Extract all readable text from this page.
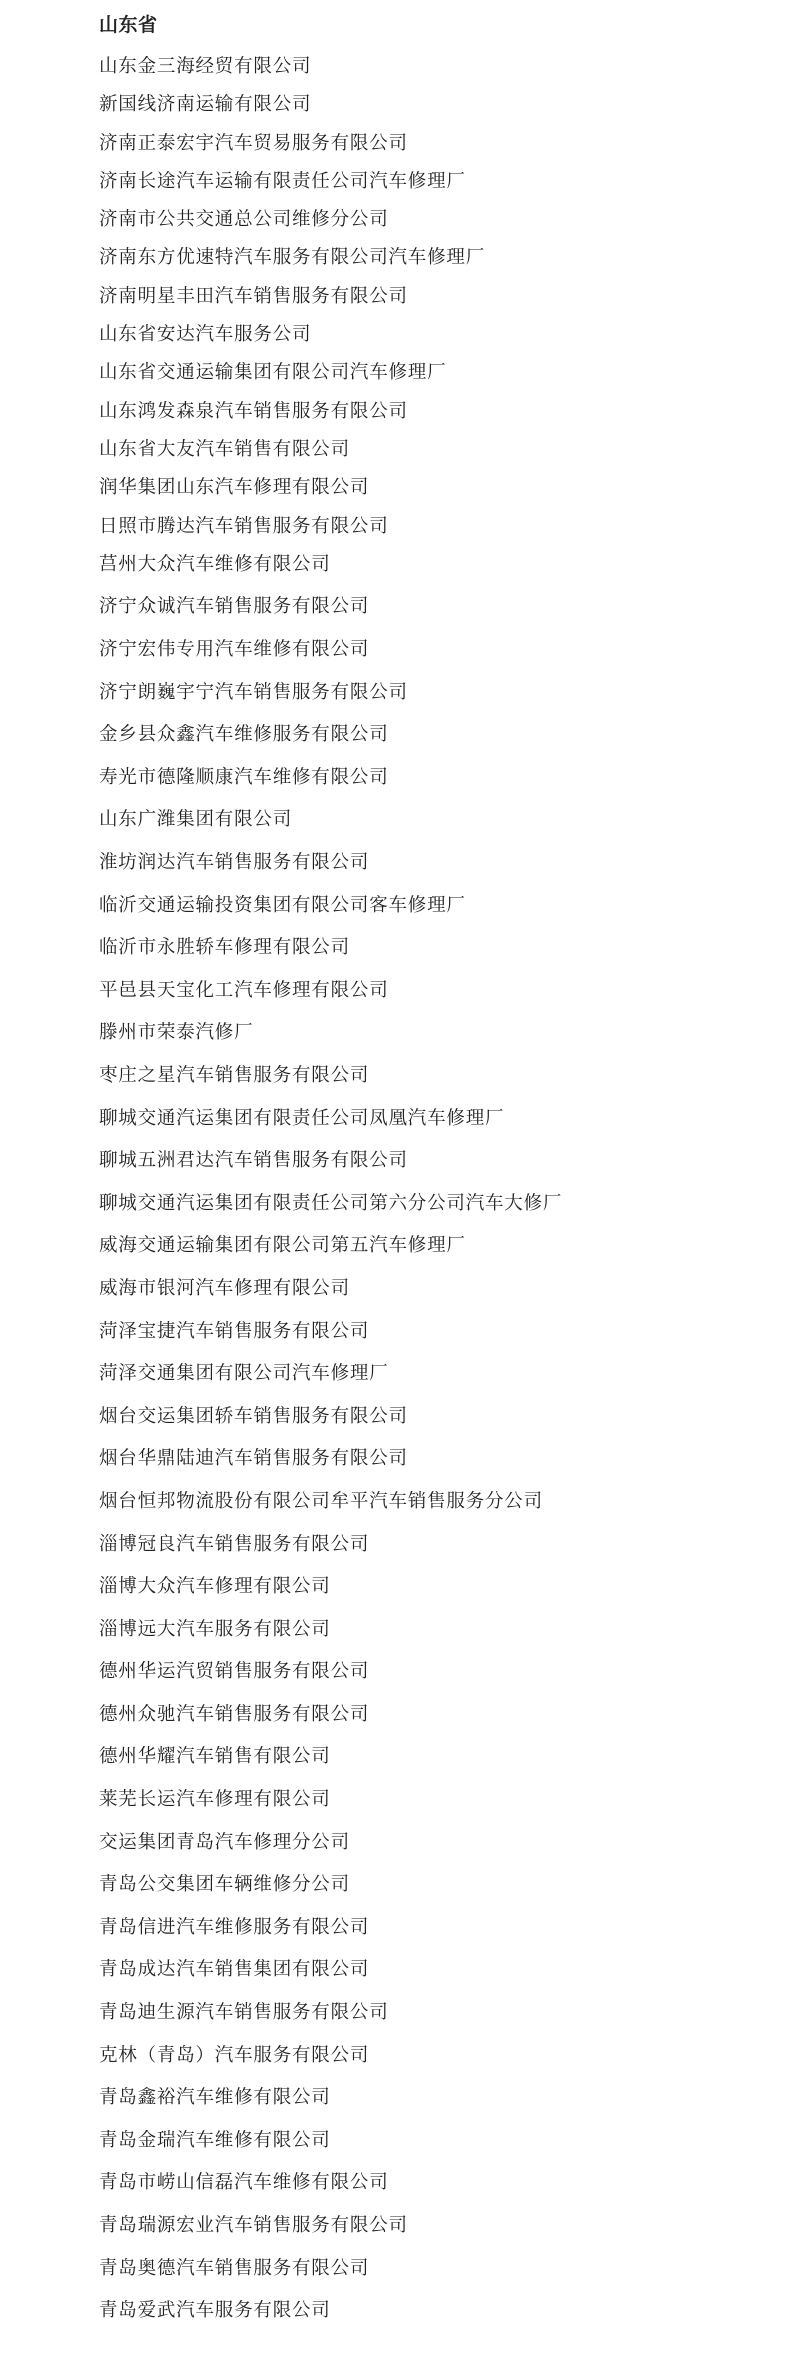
山东省
山东金三海经贸有限公司
新国线济南运输有限公司
济南正泰宏宇汽车贸易服务有限公司
济南长途汽车运输有限责任公司汽车修理厂
济南市公共交通总公司维修分公司
济南东方优速特汽车服务有限公司汽车修理厂
济南明星丰田汽车销售服务有限公司
山东省安达汽车服务公司
山东省交通运输集团有限公司汽车修理厂
山东鸿发森泉汽车销售服务有限公司
山东省大友汽车销售有限公司
润华集团山东汽车修理有限公司
日照市腾达汽车销售服务有限公司
莒州大众汽车维修有限公司
济宁众诚汽车销售服务有限公司
济宁宏伟专用汽车维修有限公司
济宁朗巍宇宁汽车销售服务有限公司
金乡县众鑫汽车维修服务有限公司
寿光市德隆顺康汽车维修有限公司
山东广潍集团有限公司
淮坊润达汽车销售服务有限公司
临沂交通运输投资集团有限公司客车修理厂
临沂市永胜轿车修理有限公司
平邑县天宝化工汽车修理有限公司
滕州市荣泰汽修厂
枣庄之星汽车销售服务有限公司
聊城交通汽运集团有限责任公司凤凰汽车修理厂
聊城五洲君达汽车销售服务有限公司
聊城交通汽运集团有限责任公司第六分公司汽车大修厂
威海交通运输集团有限公司第五汽车修理厂
威海市银河汽车修理有限公司
菏泽宝捷汽车销售服务有限公司
菏泽交通集团有限公司汽车修理厂
烟台交运集团轿车销售服务有限公司
烟台华鼎陆迪汽车销售服务有限公司
烟台恒邦物流股份有限公司牟平汽车销售服务分公司
淄博冠良汽车销售服务有限公司
淄博大众汽车修理有限公司
淄博远大汽车服务有限公司
德州华运汽贸销售服务有限公司
德州众驰汽车销售服务有限公司
德州华耀汽车销售有限公司
莱芜长运汽车修理有限公司
交运集团青岛汽车修理分公司
青岛公交集团车辆维修分公司
青岛信进汽车维修服务有限公司
青岛成达汽车销售集团有限公司
青岛迪生源汽车销售服务有限公司
克林（青岛）汽车服务有限公司
青岛鑫裕汽车维修有限公司
青岛金瑞汽车维修有限公司
青岛市崂山信磊汽车维修有限公司
青岛瑞源宏业汽车销售服务有限公司
青岛奥德汽车销售服务有限公司
青岛爱武汽车服务有限公司
